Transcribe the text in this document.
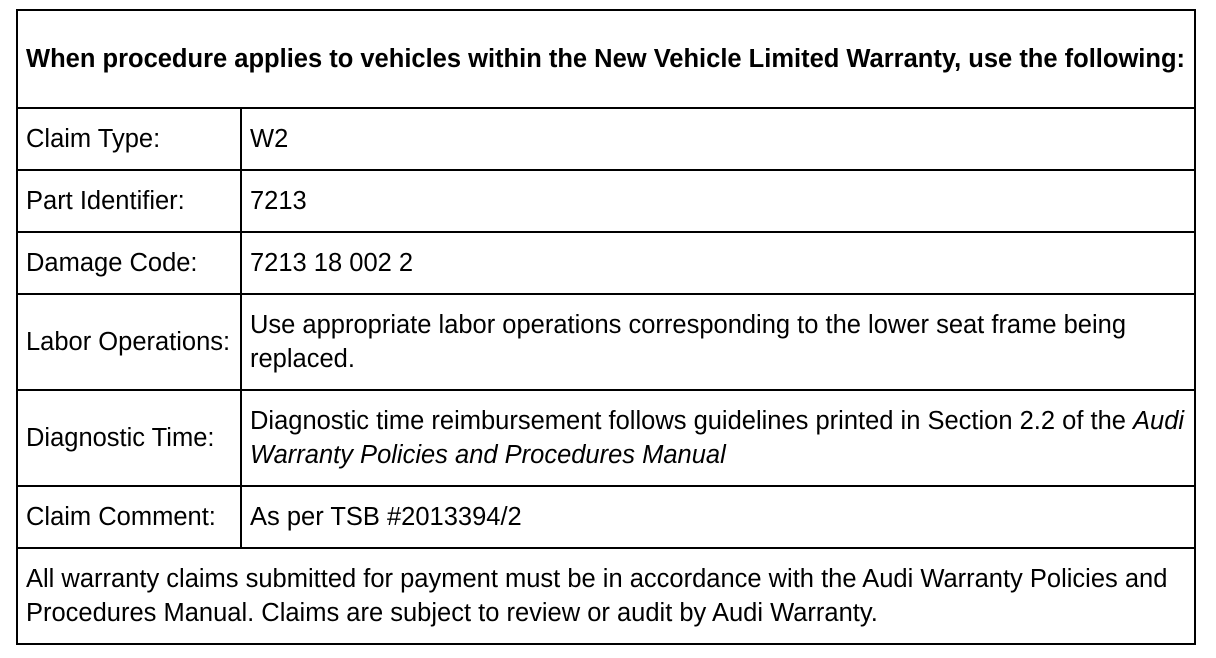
When procedure applies to vehicles within the New Vehicle Limited Warranty, use the following:	
Claim Type:	W2
Part Identifier:	7213
Damage Code:	7213 18 002 2
Labor Operations:	Use appropriate labor operations corresponding to the lower seat frame being replaced.
Diagnostic Time:	Diagnostic time reimbursement follows guidelines printed in Section 2.2 of the Audi Warranty Policies and Procedures Manual
Claim Comment:	As per TSB #2013394/2
All warranty claims submitted for payment must be in accordance with the Audi Warranty Policies and Procedures Manual. Claims are subject to review or audit by Audi Warranty.	
